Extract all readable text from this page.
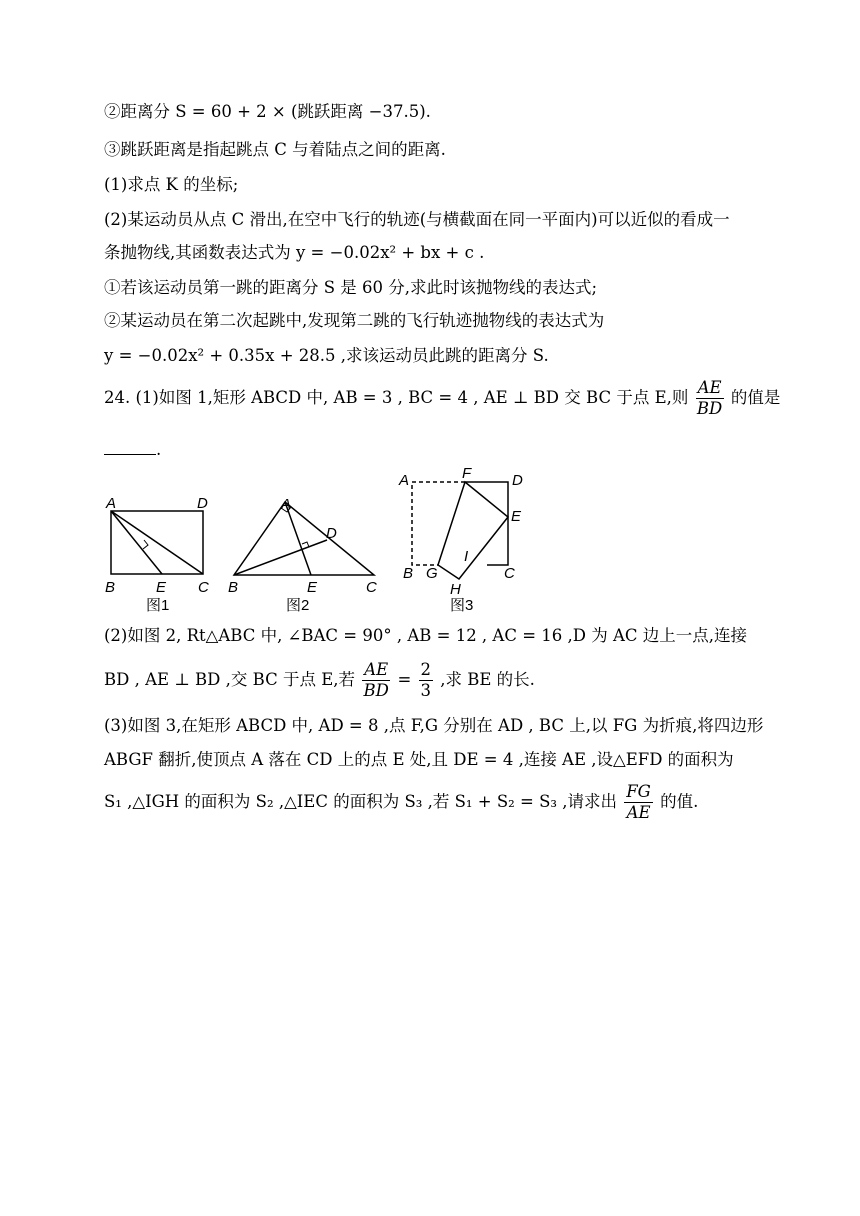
②距离分 S = 60 + 2 × (跳跃距离 −37.5).
③跳跃距离是指起跳点 C 与着陆点之间的距离.
(1)求点 K 的坐标;
(2)某运动员从点 C 滑出,在空中飞行的轨迹(与横截面在同一平面内)可以近似的看成一
条抛物线,其函数表达式为 y = −0.02x² + bx + c .
①若该运动员第一跳的距离分 S 是 60 分,求此时该抛物线的表达式;
②某运动员在第二次起跳中,发现第二跳的飞行轨迹抛物线的表达式为
y = −0.02x² + 0.35x + 28.5 ,求该运动员此跳的距离分 S.
24. (1)如图 1,矩形 ABCD 中, AB = 3 , BC = 4 , AE ⊥ BD 交 BC 于点 E,则 $\frac{AE}{BD}$ 的值是
.
A	D
B	E C
图1
A
D
B	E	C
图2
A	F	D
E
I
B G	C
H
图3
(2)如图 2, Rt△ABC 中, ∠BAC = 90° , AB = 12 , AC = 16 ,D 为 AC 边上一点,连接
BD , AE ⊥ BD ,交 BC 于点 E,若 $\frac{AE}{BD} = \frac{2}{3}$ ,求 BE 的长.
(3)如图 3,在矩形 ABCD 中, AD = 8 ,点 F,G 分别在 AD , BC 上,以 FG 为折痕,将四边形
ABGF 翻折,使顶点 A 落在 CD 上的点 E 处,且 DE = 4 ,连接 AE ,设△EFD 的面积为
S₁ ,△IGH 的面积为 S₂ ,△IEC 的面积为 S₃ ,若 S₁ + S₂ = S₃ ,请求出 $\frac{FG}{AE}$ 的值.
